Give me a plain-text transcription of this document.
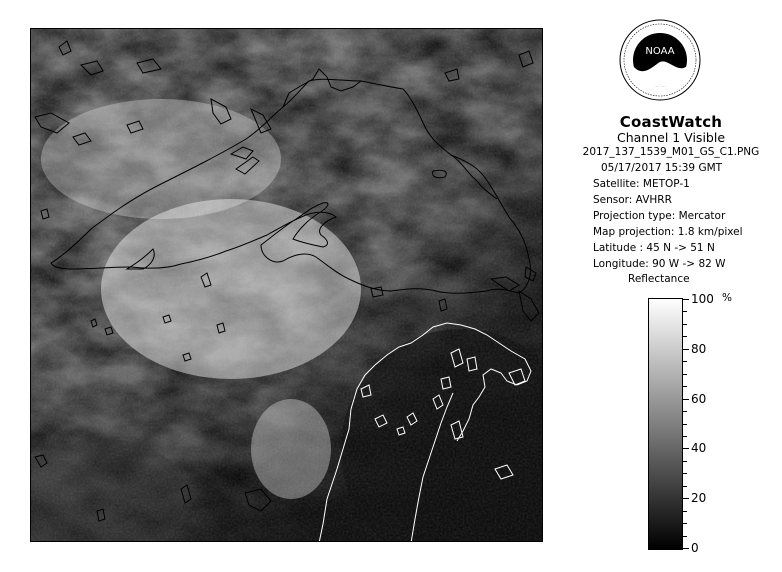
NOAA
CoastWatch
Channel 1 Visible
2017_137_1539_M01_GS_C1.PNG
05/17/2017 15:39 GMT
Satellite: METOP-1
Sensor: AVHRR
Projection type: Mercator
Map projection: 1.8 km/pixel
Latitude : 45 N -> 51 N
Longitude: 90 W -> 82 W
Reflectance
%
100
80
60
40
20
0
